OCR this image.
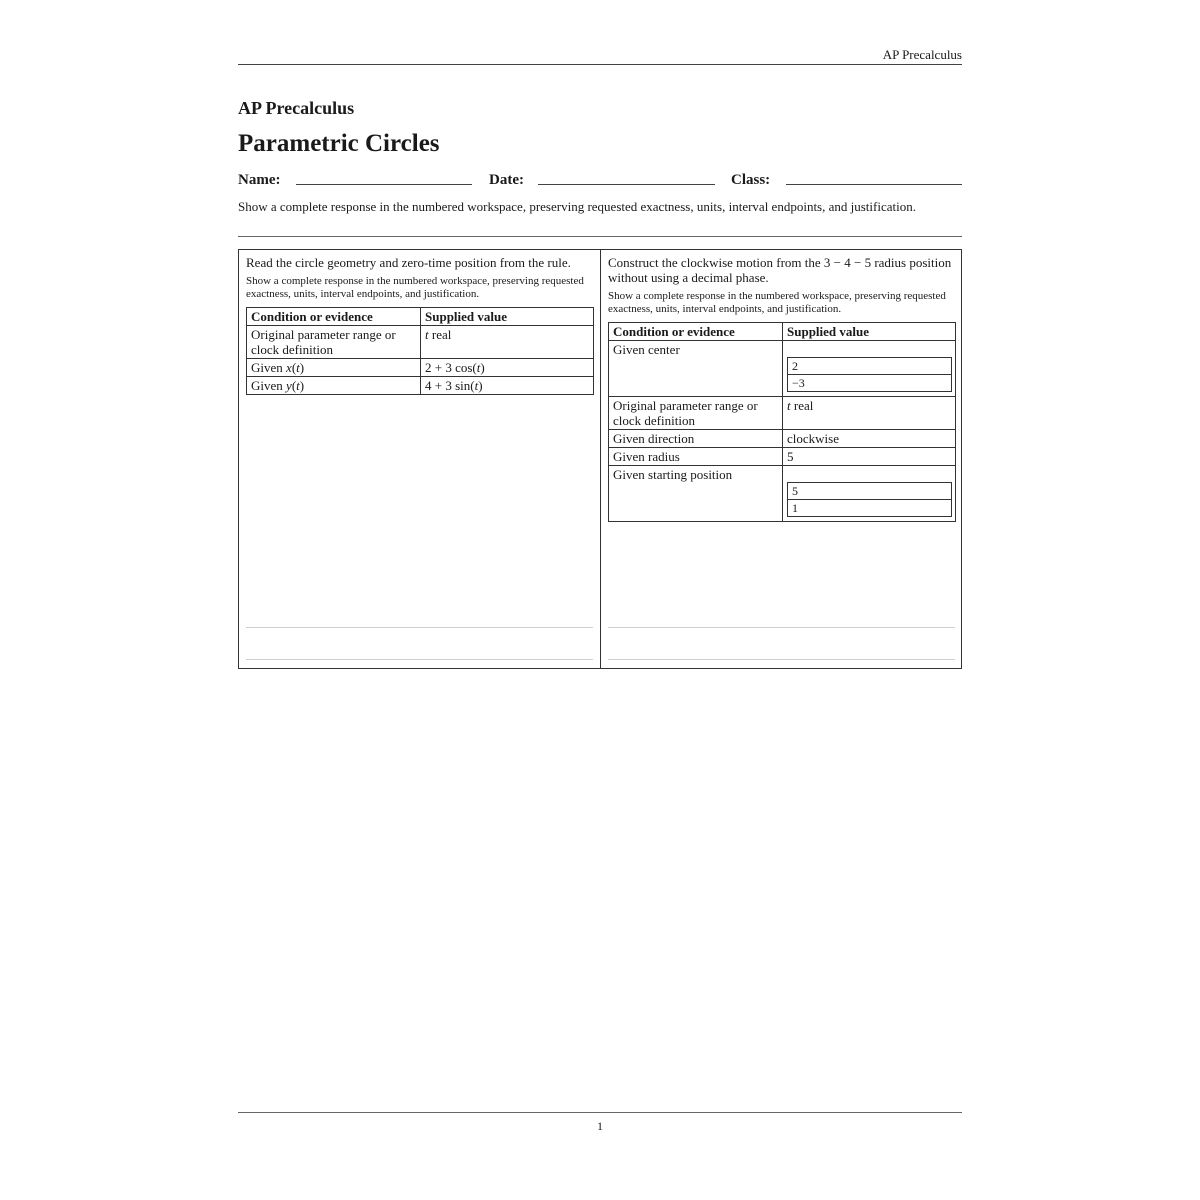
AP Precalculus
AP Precalculus
Parametric Circles
Name:	Date:	Class:
Show a complete response in the numbered workspace, preserving requested exactness, units, interval endpoints, and justification.
Read the circle geometry and zero-time position from the rule.
Show a complete response in the numbered workspace, preserving requested exactness, units, interval endpoints, and justification.
Condition or evidence	Supplied value
Original parameter range or clock definition	t real
Given x(t)	2 + 3 cos(t)
Given y(t)	4 + 3 sin(t)
Construct the clockwise motion from the 3 − 4 − 5 radius position without using a decimal phase.
Show a complete response in the numbered workspace, preserving requested exactness, units, interval endpoints, and justification.
Condition or evidence	Supplied value
Given center	2
−3

Original parameter range or clock definition	t real
Given direction	clockwise
Given radius	5
Given starting position	5
1
1
